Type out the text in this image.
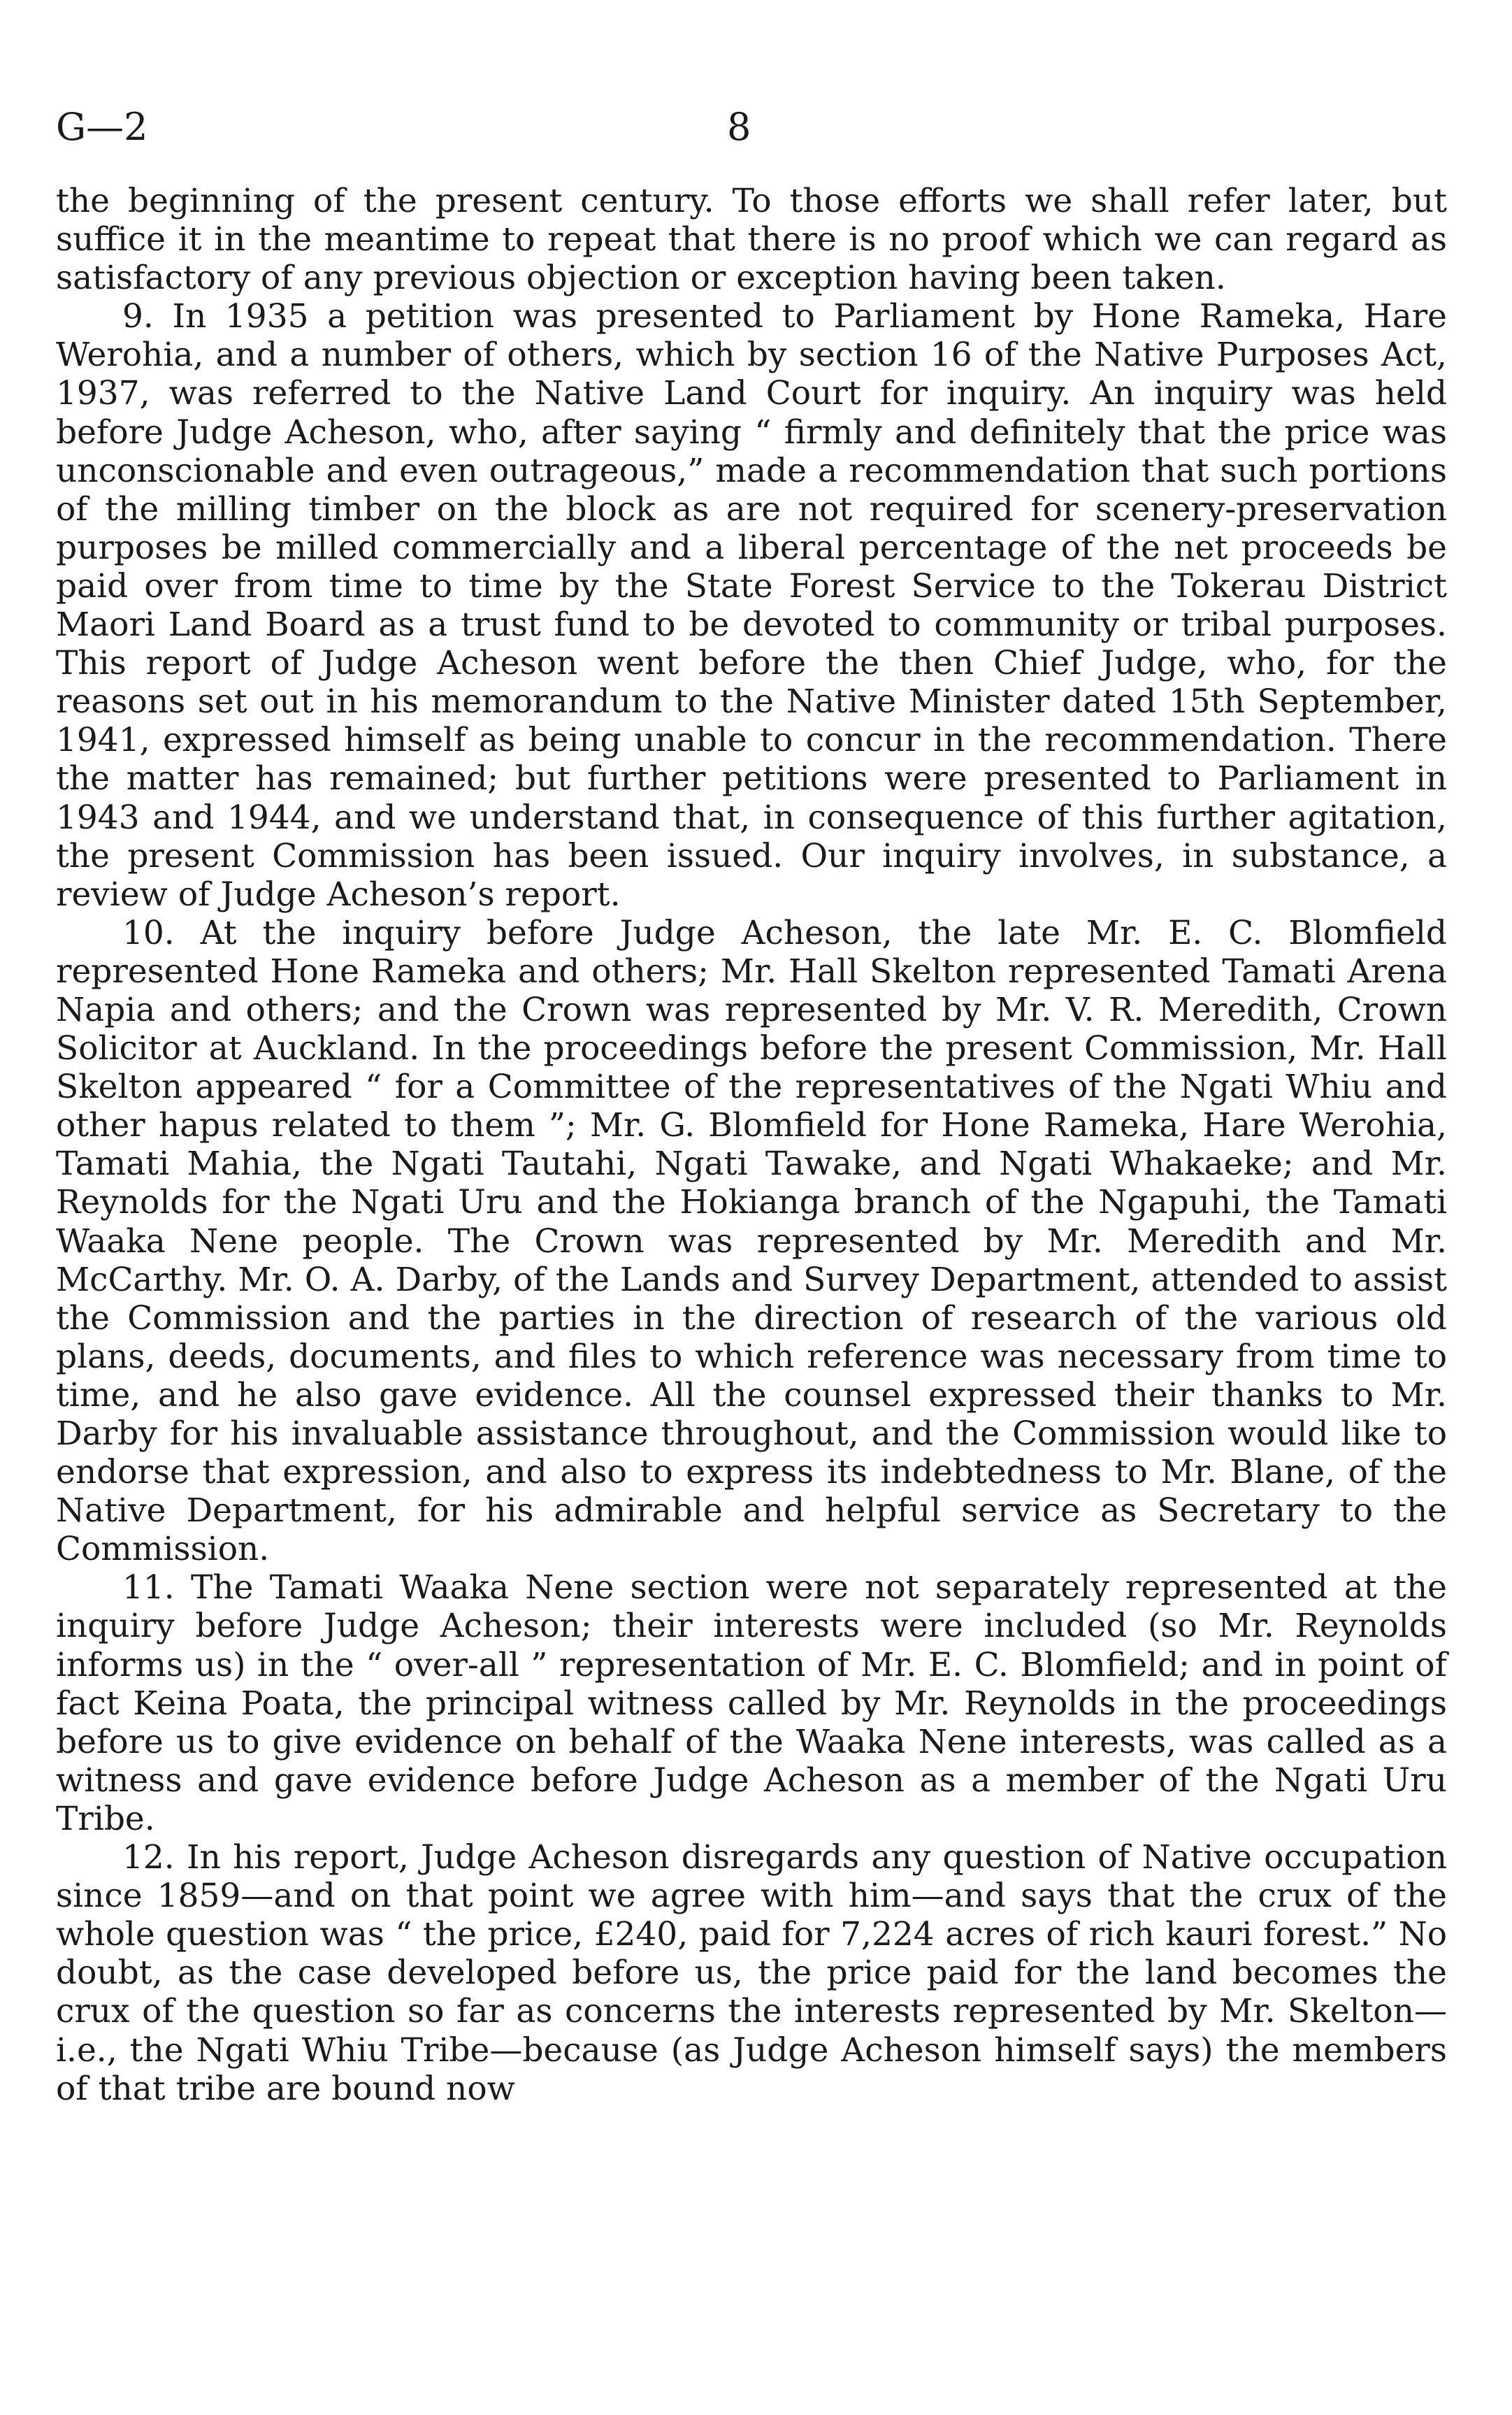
G—2	8

the beginning of the present century. To those efforts we shall refer later, but suffice it in the meantime to repeat that there is no proof which we can regard as satisfactory of any previous objection or exception having been taken.

9. In 1935 a petition was presented to Parliament by Hone Rameka, Hare Werohia, and a number of others, which by section 16 of the Native Purposes Act, 1937, was referred to the Native Land Court for inquiry. An inquiry was held before Judge Acheson, who, after saying “ firmly and definitely that the price was unconscionable and even outrageous,” made a recommendation that such portions of the milling timber on the block as are not required for scenery-preservation purposes be milled commercially and a liberal percentage of the net proceeds be paid over from time to time by the State Forest Service to the Tokerau District Maori Land Board as a trust fund to be devoted to community or tribal purposes. This report of Judge Acheson went before the then Chief Judge, who, for the reasons set out in his memorandum to the Native Minister dated 15th September, 1941, expressed himself as being unable to concur in the recommendation. There the matter has remained; but further petitions were presented to Parliament in 1943 and 1944, and we understand that, in consequence of this further agitation, the present Commission has been issued. Our inquiry involves, in substance, a review of Judge Acheson’s report.

10. At the inquiry before Judge Acheson, the late Mr. E. C. Blomfield represented Hone Rameka and others; Mr. Hall Skelton represented Tamati Arena Napia and others; and the Crown was represented by Mr. V. R. Meredith, Crown Solicitor at Auckland. In the proceedings before the present Commission, Mr. Hall Skelton appeared “ for a Committee of the representatives of the Ngati Whiu and other hapus related to them ”; Mr. G. Blomfield for Hone Rameka, Hare Werohia, Tamati Mahia, the Ngati Tautahi, Ngati Tawake, and Ngati Whakaeke; and Mr. Reynolds for the Ngati Uru and the Hokianga branch of the Ngapuhi, the Tamati Waaka Nene people. The Crown was represented by Mr. Meredith and Mr. McCarthy. Mr. O. A. Darby, of the Lands and Survey Department, attended to assist the Commission and the parties in the direction of research of the various old plans, deeds, documents, and files to which reference was necessary from time to time, and he also gave evidence. All the counsel expressed their thanks to Mr. Darby for his invaluable assistance throughout, and the Commission would like to endorse that expression, and also to express its indebtedness to Mr. Blane, of the Native Department, for his admirable and helpful service as Secretary to the Commission.

11. The Tamati Waaka Nene section were not separately represented at the inquiry before Judge Acheson; their interests were included (so Mr. Reynolds informs us) in the “ over-all ” representation of Mr. E. C. Blomfield; and in point of fact Keina Poata, the principal witness called by Mr. Reynolds in the proceedings before us to give evidence on behalf of the Waaka Nene interests, was called as a witness and gave evidence before Judge Acheson as a member of the Ngati Uru Tribe.

12. In his report, Judge Acheson disregards any question of Native occupation since 1859—and on that point we agree with him—and says that the crux of the whole question was “ the price, £240, paid for 7,224 acres of rich kauri forest.” No doubt, as the case developed before us, the price paid for the land becomes the crux of the question so far as concerns the interests represented by Mr. Skelton—i.e., the Ngati Whiu Tribe—because (as Judge Acheson himself says) the members of that tribe are bound now
